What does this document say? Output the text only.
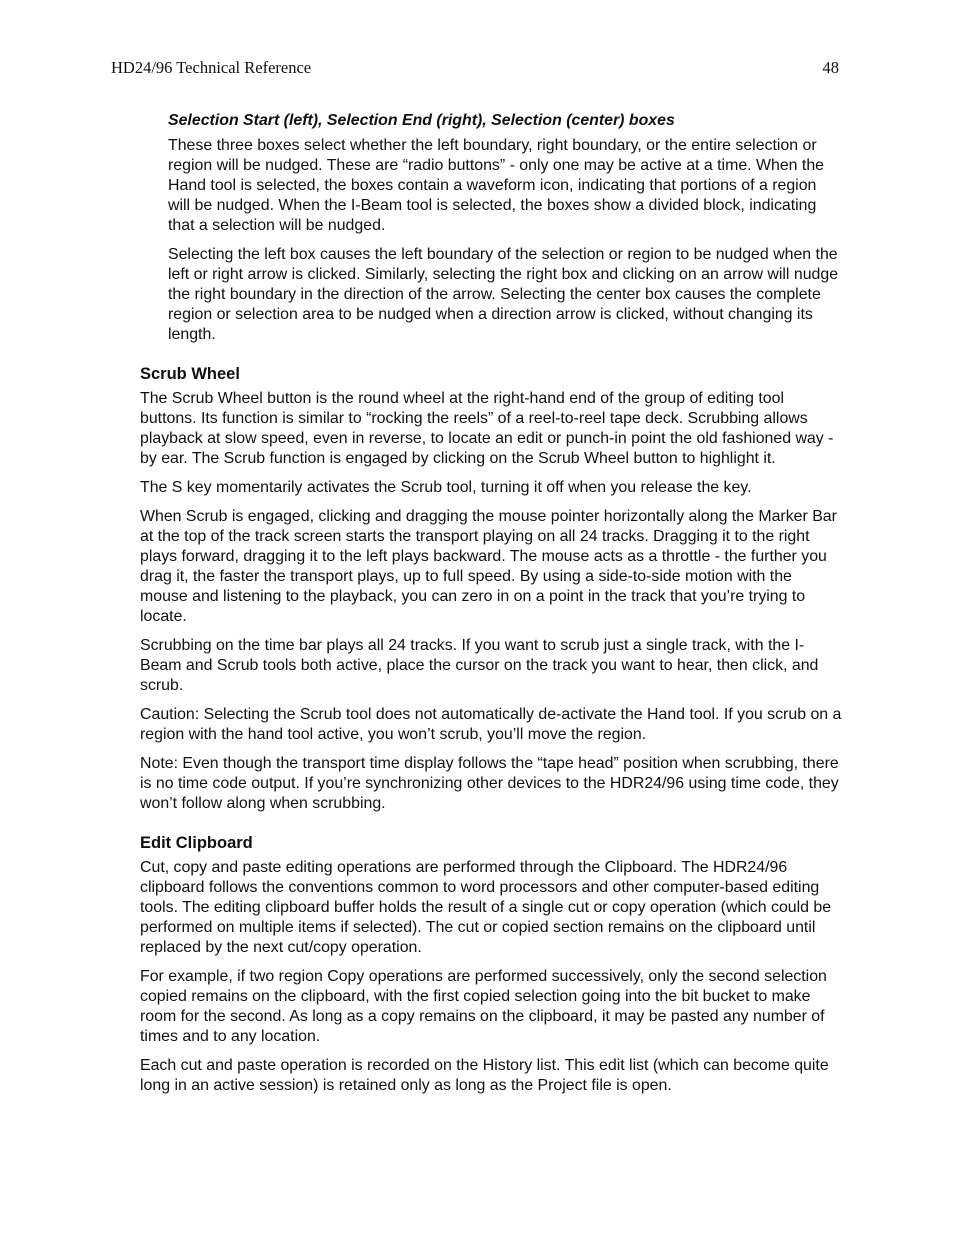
HD24/96 Technical Reference	48
Selection Start (left), Selection End (right), Selection (center) boxes

These three boxes select whether the left boundary, right boundary, or the entire selection or region will be nudged. These are “radio buttons” - only one may be active at a time. When the Hand tool is selected, the boxes contain a waveform icon, indicating that portions of a region will be nudged. When the I-Beam tool is selected, the boxes show a divided block, indicating that a selection will be nudged.

Selecting the left box causes the left boundary of the selection or region to be nudged when the left or right arrow is clicked. Similarly, selecting the right box and clicking on an arrow will nudge the right boundary in the direction of the arrow. Selecting the center box causes the complete region or selection area to be nudged when a direction arrow is clicked, without changing its length.

Scrub Wheel

The Scrub Wheel button is the round wheel at the right-hand end of the group of editing tool buttons. Its function is similar to “rocking the reels” of a reel-to-reel tape deck. Scrubbing allows playback at slow speed, even in reverse, to locate an edit or punch-in point the old fashioned way - by ear. The Scrub function is engaged by clicking on the Scrub Wheel button to highlight it.

The S key momentarily activates the Scrub tool, turning it off when you release the key.

When Scrub is engaged, clicking and dragging the mouse pointer horizontally along the Marker Bar at the top of the track screen starts the transport playing on all 24 tracks. Dragging it to the right plays forward, dragging it to the left plays backward. The mouse acts as a throttle - the further you drag it, the faster the transport plays, up to full speed. By using a side-to-side motion with the mouse and listening to the playback, you can zero in on a point in the track that you’re trying to locate.

Scrubbing on the time bar plays all 24 tracks. If you want to scrub just a single track, with the I-Beam and Scrub tools both active, place the cursor on the track you want to hear, then click, and scrub.

Caution: Selecting the Scrub tool does not automatically de-activate the Hand tool. If you scrub on a region with the hand tool active, you won’t scrub, you’ll move the region.

Note: Even though the transport time display follows the “tape head” position when scrubbing, there is no time code output. If you’re synchronizing other devices to the HDR24/96 using time code, they won’t follow along when scrubbing.

Edit Clipboard

Cut, copy and paste editing operations are performed through the Clipboard. The HDR24/96 clipboard follows the conventions common to word processors and other computer-based editing tools. The editing clipboard buffer holds the result of a single cut or copy operation (which could be performed on multiple items if selected). The cut or copied section remains on the clipboard until replaced by the next cut/copy operation.

For example, if two region Copy operations are performed successively, only the second selection copied remains on the clipboard, with the first copied selection going into the bit bucket to make room for the second. As long as a copy remains on the clipboard, it may be pasted any number of times and to any location.

Each cut and paste operation is recorded on the History list. This edit list (which can become quite long in an active session) is retained only as long as the Project file is open.
